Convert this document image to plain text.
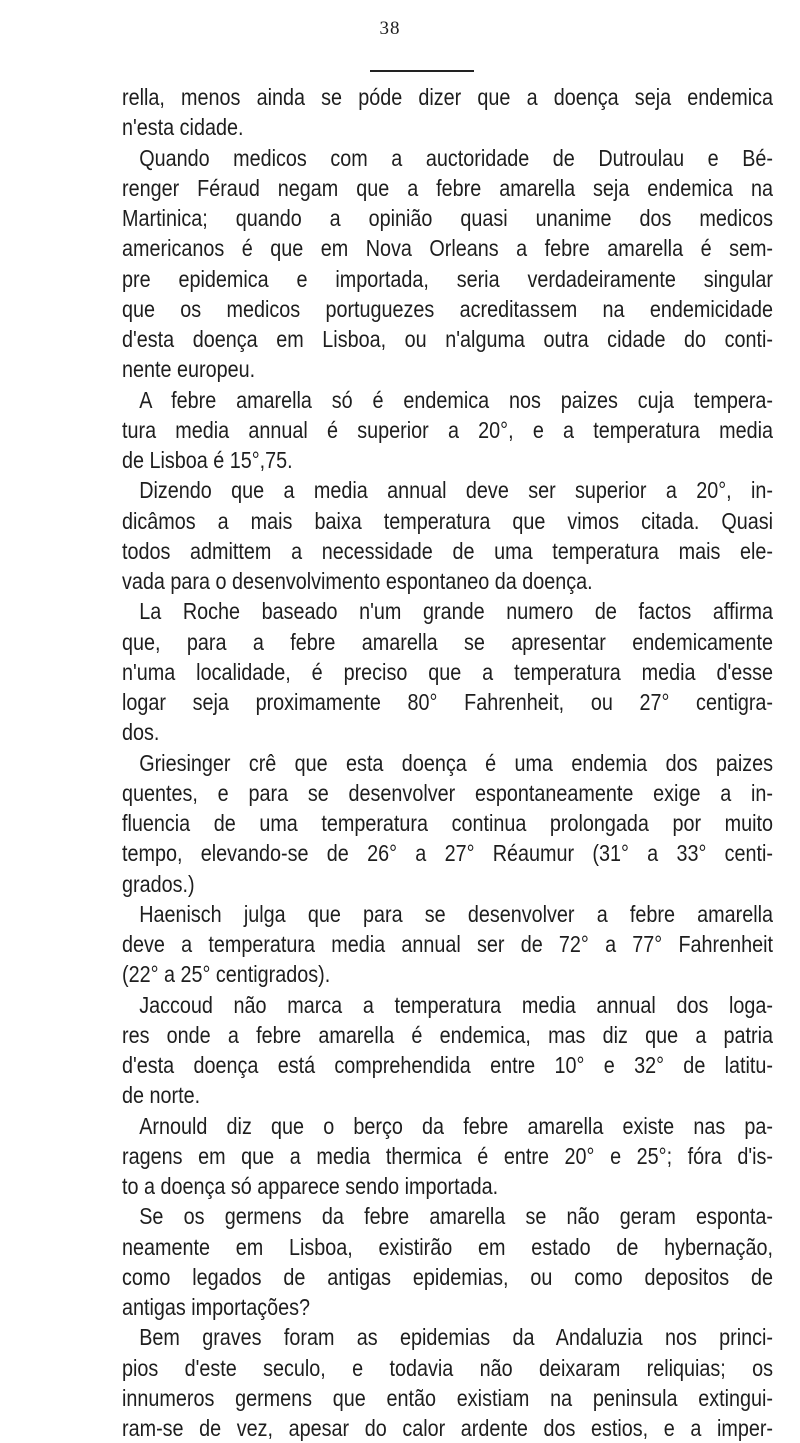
38
rella, menos ainda se póde dizer que a doença seja endemica
n'esta cidade.
Quando medicos com a auctoridade de Dutroulau e Bé-
renger Féraud negam que a febre amarella seja endemica na
Martinica; quando a opinião quasi unanime dos medicos
americanos é que em Nova Orleans a febre amarella é sem-
pre epidemica e importada, seria verdadeiramente singular
que os medicos portuguezes acreditassem na endemicidade
d'esta doença em Lisboa, ou n'alguma outra cidade do conti-
nente europeu.
A febre amarella só é endemica nos paizes cuja tempera-
tura media annual é superior a 20°, e a temperatura media
de Lisboa é 15°,75.
Dizendo que a media annual deve ser superior a 20°, in-
dicâmos a mais baixa temperatura que vimos citada. Quasi
todos admittem a necessidade de uma temperatura mais ele-
vada para o desenvolvimento espontaneo da doença.
La Roche baseado n'um grande numero de factos affirma
que, para a febre amarella se apresentar endemicamente
n'uma localidade, é preciso que a temperatura media d'esse
logar seja proximamente 80° Fahrenheit, ou 27° centigra-
dos.
Griesinger crê que esta doença é uma endemia dos paizes
quentes, e para se desenvolver espontaneamente exige a in-
fluencia de uma temperatura continua prolongada por muito
tempo, elevando-se de 26° a 27° Réaumur (31° a 33° centi-
grados.)
Haenisch julga que para se desenvolver a febre amarella
deve a temperatura media annual ser de 72° a 77° Fahrenheit
(22° a 25° centigrados).
Jaccoud não marca a temperatura media annual dos loga-
res onde a febre amarella é endemica, mas diz que a patria
d'esta doença está comprehendida entre 10° e 32° de latitu-
de norte.
Arnould diz que o berço da febre amarella existe nas pa-
ragens em que a media thermica é entre 20° e 25°; fóra d'is-
to a doença só apparece sendo importada.
Se os germens da febre amarella se não geram esponta-
neamente em Lisboa, existirão em estado de hybernação,
como legados de antigas epidemias, ou como depositos de
antigas importações?
Bem graves foram as epidemias da Andaluzia nos princi-
pios d'este seculo, e todavia não deixaram reliquias; os
innumeros germens que então existiam na peninsula extingui-
ram-se de vez, apesar do calor ardente dos estios, e a imper-
